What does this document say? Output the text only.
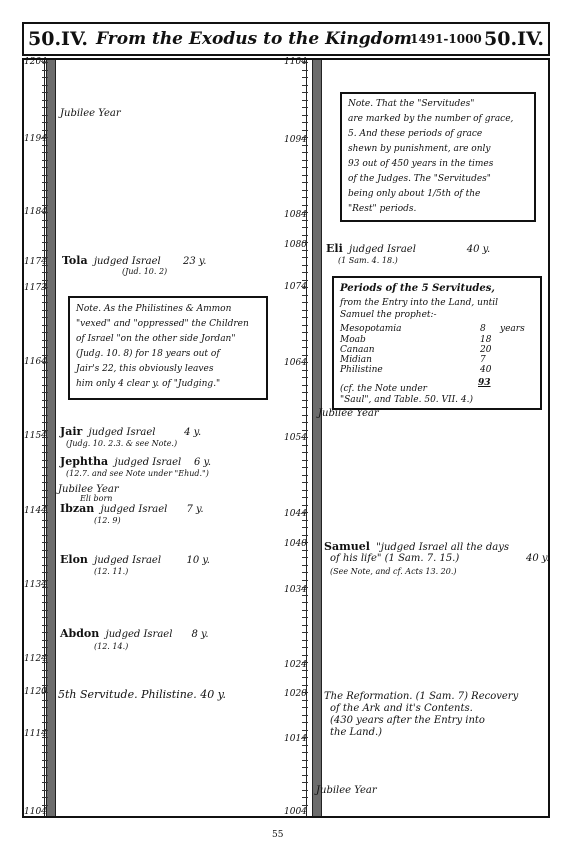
50.IV. From the Exodus to the Kingdom
1491-1000 50.IV.
1204
1194
1184
1174
1173
1164
1154
1144
1134
1124
1120
1114
1104
1104
1094
1084
1080
1074
1064
1054
1044
1040
1034
1024
1020
1014
1004
Jubilee Year
Tola judged Israel 23 y.
(Jud. 10. 2)
Note. As the Philistines & Ammon
"vexed" and "oppressed" the Children
of Israel "on the other side Jordan"
(Judg. 10. 8) for 18 years out of
Jair's 22, this obviously leaves
him only 4 clear y. of "Judging."
Jair judged Israel	4 y.
(Judg. 10. 2.3. & see Note.)
Jephtha judged Israel 6 y.
(12.7. and see Note under "Ehud.")
Jubilee Year
Eli born
Ibzan judged Israel 7 y.
(12. 9)
Elon judged Israel	10 y.
(12. 11.)
Abdon judged Israel 8 y.
(12. 14.)
5th Servitude. Philistine. 40 y.
Note. That the "Servitudes"
are marked by the number of grace,
5. And these periods of grace
shewn by punishment, are only
93 out of 450 years in the times
of the Judges. The "Servitudes"
being only about 1/5th of the
"Rest" periods.
Eli judged Israel	40 y.
(1 Sam. 4. 18.)
Periods of the 5 Servitudes,
from the Entry into the Land, until
Samuel the prophet:-
Mesopotamia	8 years
Moab	18
Canaan	20
Midian	7
Philistine	40
93
(cf. the Note under
"Saul", and Table. 50. VII. 4.)
Jubilee Year
Samuel "judged Israel all the days
of his life" (1 Sam. 7. 15.)	40 y.
(See Note, and cf. Acts 13. 20.)
The Reformation. (1 Sam. 7) Recovery
of the Ark and it's Contents.
(430 years after the Entry into
the Land.)
Jubilee Year
55
